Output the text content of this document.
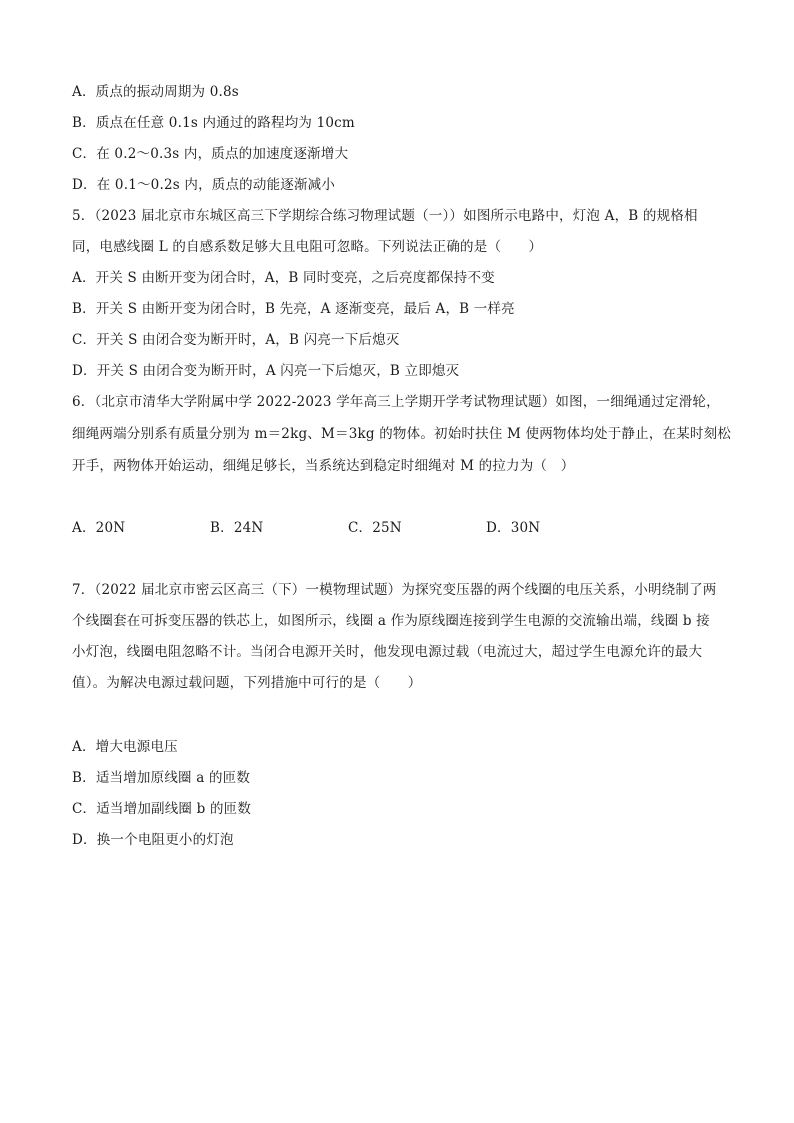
A．质点的振动周期为 0.8s
B．质点在任意 0.1s 内通过的路程均为 10cm
C．在 0.2～0.3s 内，质点的加速度逐渐增大
D．在 0.1～0.2s 内，质点的动能逐渐减小
5．（2023 届北京市东城区高三下学期综合练习物理试题（一））如图所示电路中，灯泡 A，B 的规格相
同，电感线圈 L 的自感系数足够大且电阻可忽略。下列说法正确的是（　　）
A．开关 S 由断开变为闭合时，A，B 同时变亮，之后亮度都保持不变
B．开关 S 由断开变为闭合时，B 先亮，A 逐渐变亮，最后 A，B 一样亮
C．开关 S 由闭合变为断开时，A，B 闪亮一下后熄灭
D．开关 S 由闭合变为断开时，A 闪亮一下后熄灭，B 立即熄灭
6．（北京市清华大学附属中学 2022-2023 学年高三上学期开学考试物理试题）如图，一细绳通过定滑轮，
细绳两端分别系有质量分别为 m＝2kg、M＝3kg 的物体。初始时扶住 M 使两物体均处于静止，在某时刻松
开手，两物体开始运动，细绳足够长，当系统达到稳定时细绳对 M 的拉力为（　）
A．20N	B．24N	C．25N	D．30N
7．（2022 届北京市密云区高三（下）一模物理试题）为探究变压器的两个线圈的电压关系，小明绕制了两
个线圈套在可拆变压器的铁芯上，如图所示，线圈 a 作为原线圈连接到学生电源的交流输出端，线圈 b 接
小灯泡，线圈电阻忽略不计。当闭合电源开关时，他发现电源过载（电流过大，超过学生电源允许的最大
值）。为解决电源过载问题，下列措施中可行的是（　　）
A．增大电源电压
B．适当增加原线圈 a 的匝数
C．适当增加副线圈 b 的匝数
D．换一个电阻更小的灯泡
